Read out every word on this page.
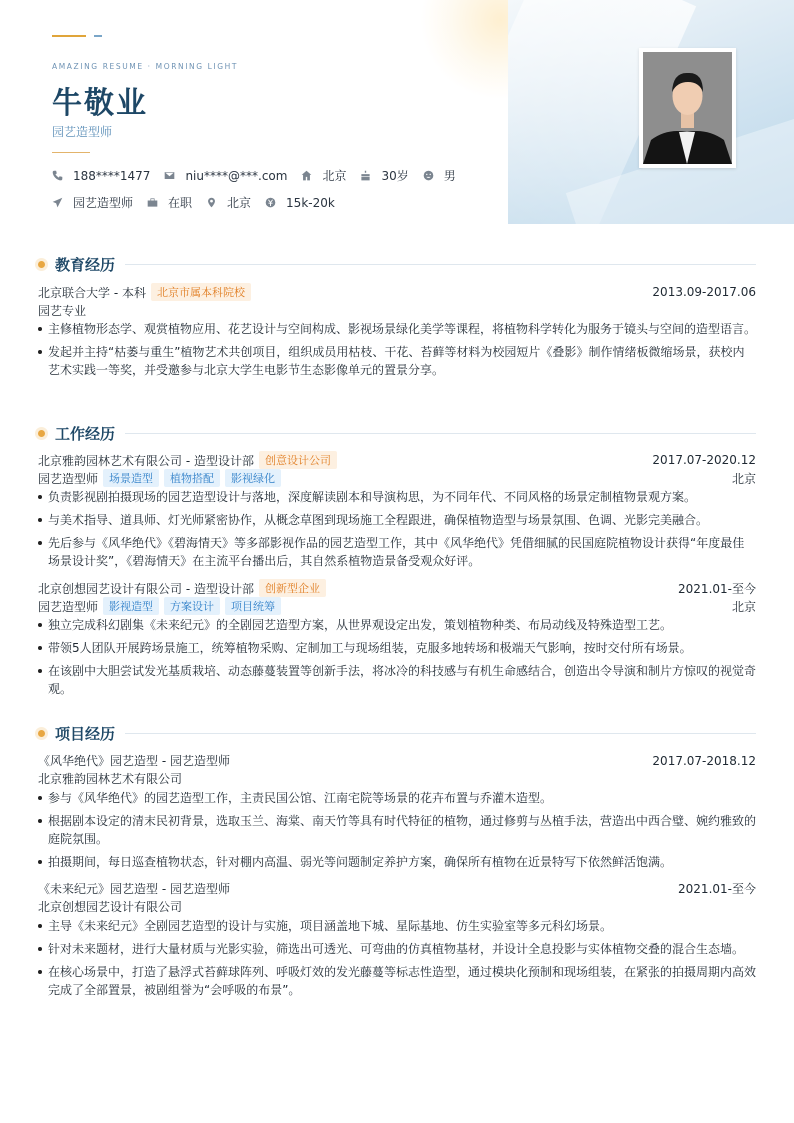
AMAZING RESUME · MORNING LIGHT
牛敬业
园艺造型师
188****1477	niu****@***.com	北京	30岁	男
园艺造型师	在职	北京	15k-20k
教育经历
北京联合大学 - 本科	北京市属本科院校	2013.09-2017.06
园艺专业
主修植物形态学、观赏植物应用、花艺设计与空间构成、影视场景绿化美学等课程，将植物科学转化为服务于镜头与空间的造型语言。
发起并主持“枯萎与重生”植物艺术共创项目，组织成员用枯枝、干花、苔藓等材料为校园短片《叠影》制作情绪板微缩场景，获校内艺术实践一等奖，并受邀参与北京大学生电影节生态影像单元的置景分享。
工作经历
北京雅韵园林艺术有限公司 - 造型设计部	创意设计公司	2017.07-2020.12
园艺造型师	场景造型	植物搭配	影视绿化	北京
负责影视剧拍摄现场的园艺造型设计与落地，深度解读剧本和导演构思，为不同年代、不同风格的场景定制植物景观方案。
与美术指导、道具师、灯光师紧密协作，从概念草图到现场施工全程跟进，确保植物造型与场景氛围、色调、光影完美融合。
先后参与《风华绝代》《碧海情天》等多部影视作品的园艺造型工作，其中《风华绝代》凭借细腻的民国庭院植物设计获得“年度最佳场景设计奖”，《碧海情天》在主流平台播出后，其自然系植物造景备受观众好评。
北京创想园艺设计有限公司 - 造型设计部	创新型企业	2021.01-至今
园艺造型师	影视造型	方案设计	项目统筹	北京
独立完成科幻剧集《未来纪元》的全剧园艺造型方案，从世界观设定出发，策划植物种类、布局动线及特殊造型工艺。
带领5人团队开展跨场景施工，统筹植物采购、定制加工与现场组装，克服多地转场和极端天气影响，按时交付所有场景。
在该剧中大胆尝试发光基质栽培、动态藤蔓装置等创新手法，将冰冷的科技感与有机生命感结合，创造出令导演和制片方惊叹的视觉奇观。
项目经历
《风华绝代》园艺造型 - 园艺造型师	2017.07-2018.12
北京雅韵园林艺术有限公司
参与《风华绝代》的园艺造型工作，主责民国公馆、江南宅院等场景的花卉布置与乔灌木造型。
根据剧本设定的清末民初背景，选取玉兰、海棠、南天竹等具有时代特征的植物，通过修剪与丛植手法，营造出中西合璧、婉约雅致的庭院氛围。
拍摄期间，每日巡查植物状态，针对棚内高温、弱光等问题制定养护方案，确保所有植物在近景特写下依然鲜活饱满。
《未来纪元》园艺造型 - 园艺造型师	2021.01-至今
北京创想园艺设计有限公司
主导《未来纪元》全剧园艺造型的设计与实施，项目涵盖地下城、星际基地、仿生实验室等多元科幻场景。
针对未来题材，进行大量材质与光影实验，筛选出可透光、可弯曲的仿真植物基材，并设计全息投影与实体植物交叠的混合生态墙。
在核心场景中，打造了悬浮式苔藓球阵列、呼吸灯效的发光藤蔓等标志性造型，通过模块化预制和现场组装，在紧张的拍摄周期内高效完成了全部置景，被剧组誉为“会呼吸的布景”。
